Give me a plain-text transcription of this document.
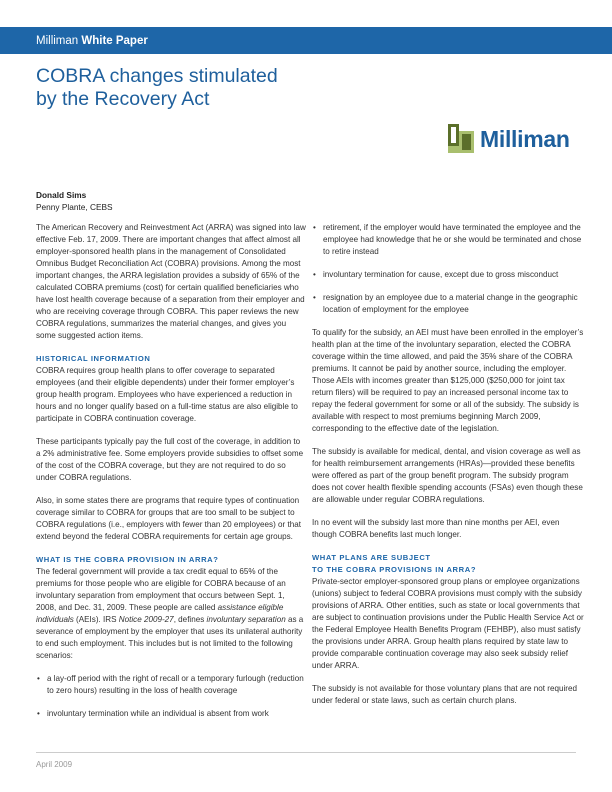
Milliman White Paper
COBRA changes stimulated
by the Recovery Act
Milliman
Donald Sims
Penny Plante, CEBS

The American Recovery and Reinvestment Act (ARRA) was signed into law effective Feb. 17, 2009. There are important changes that affect almost all employer-sponsored health plans in the management of Consolidated Omnibus Budget Reconciliation Act (COBRA) provisions. Among the most important changes, the ARRA legislation provides a subsidy of 65% of the calculated COBRA premiums (cost) for certain qualified beneficiaries who have lost health coverage because of a separation from their employer and who are receiving coverage through COBRA. This paper reviews the new COBRA regulations, summarizes the material changes, and gives you some suggested action items.

HISTORICAL INFORMATION

COBRA requires group health plans to offer coverage to separated employees (and their eligible dependents) under their former employer’s group health program. Employees who have experienced a reduction in hours and no longer qualify based on a full-time status are also eligible to participate in COBRA continuation coverage.

These participants typically pay the full cost of the coverage, in addition to a 2% administrative fee. Some employers provide subsidies to offset some of the cost of the COBRA coverage, but they are not required to do so under COBRA regulations.

Also, in some states there are programs that require types of continuation coverage similar to COBRA for groups that are too small to be subject to COBRA regulations (i.e., employers with fewer than 20 employees) or that extend beyond the federal COBRA requirements for certain age groups.

WHAT IS THE COBRA PROVISION IN ARRA?

The federal government will provide a tax credit equal to 65% of the premiums for those people who are eligible for COBRA because of an involuntary separation from employment that occurs between Sept. 1, 2008, and Dec. 31, 2009. These people are called assistance eligible individuals (AEIs). IRS Notice 2009-27, defines involuntary separation as a severance of employment by the employer that uses its unilateral authority to end such employment. This includes but is not limited to the following scenarios:

• a lay-off period with the right of recall or a temporary furlough (reduction to zero hours) resulting in the loss of health coverage
• involuntary termination while an individual is absent from work
• retirement, if the employer would have terminated the employee and the employee had knowledge that he or she would be terminated and chose to retire instead
• involuntary termination for cause, except due to gross misconduct
• resignation by an employee due to a material change in the geographic location of employment for the employee

To qualify for the subsidy, an AEI must have been enrolled in the employer’s health plan at the time of the involuntary separation, elected the COBRA coverage within the time allowed, and paid the 35% share of the COBRA premiums. It cannot be paid by another source, including the employer. Those AEIs with incomes greater than $125,000 ($250,000 for joint tax return filers) will be required to pay an increased personal income tax to repay the federal government for some or all of the subsidy. The subsidy is available with respect to most premiums beginning March 2009, corresponding to the effective date of the legislation.

The subsidy is available for medical, dental, and vision coverage as well as for health reimbursement arrangements (HRAs)—provided these benefits were offered as part of the group benefit program. The subsidy program does not cover health flexible spending accounts (FSAs) even though these are allowable under regular COBRA regulations.

In no event will the subsidy last more than nine months per AEI, even though COBRA benefits last much longer.

WHAT PLANS ARE SUBJECT
TO THE COBRA PROVISIONS IN ARRA?

Private-sector employer-sponsored group plans or employee organizations (unions) subject to federal COBRA provisions must comply with the subsidy provisions of ARRA. Other entities, such as state or local governments that are subject to continuation provisions under the Public Health Service Act or the Federal Employee Health Benefits Program (FEHBP), also must satisfy the provisions under ARRA. Group health plans required by state law to provide comparable continuation coverage may also seek subsidy relief under ARRA.

The subsidy is not available for those voluntary plans that are not required under federal or state laws, such as certain church plans.

April 2009
